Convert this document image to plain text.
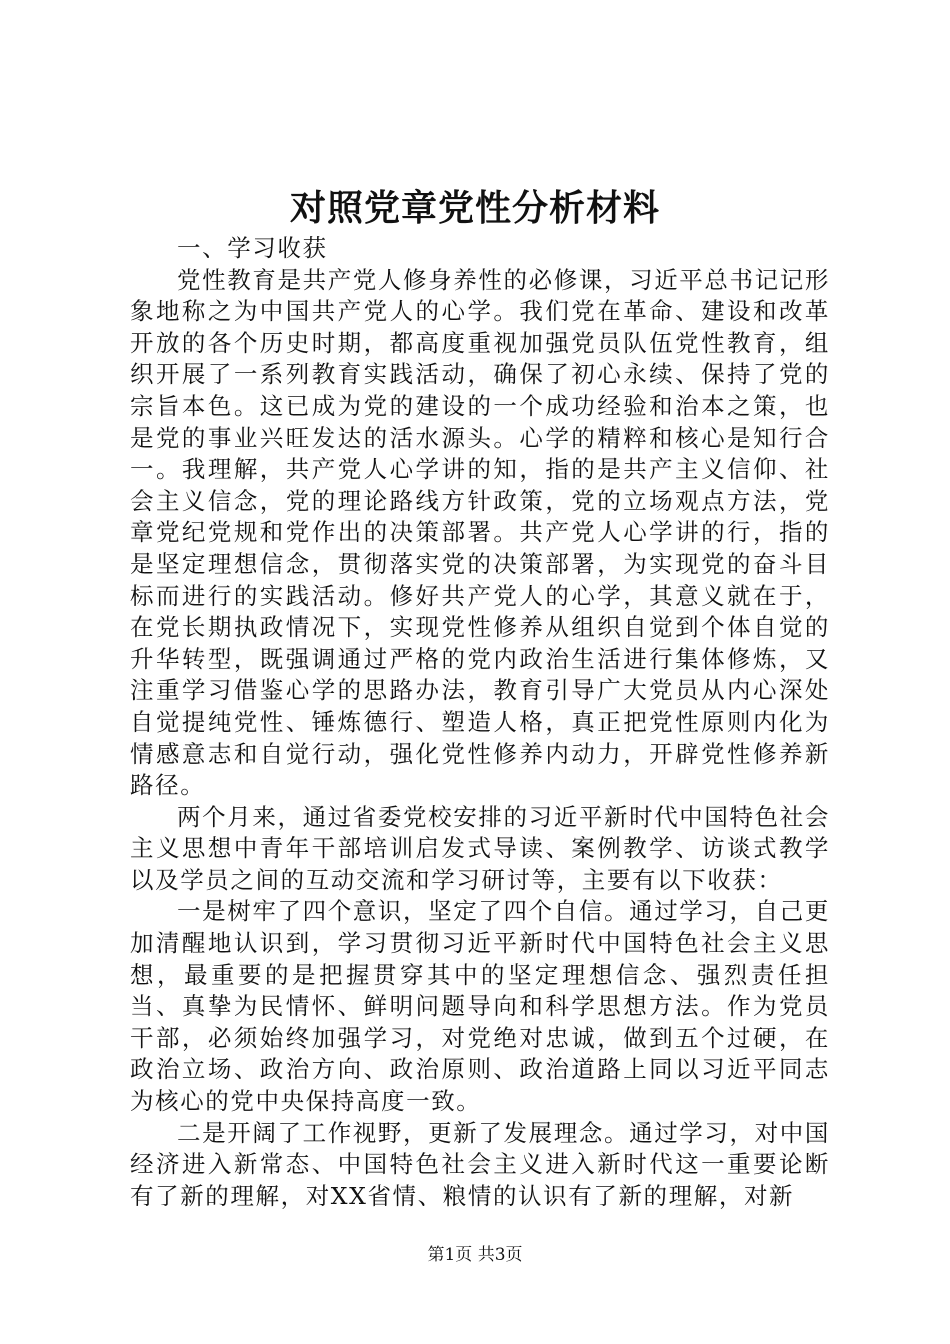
对照党章党性分析材料

一、学习收获

党性教育是共产党人修身养性的必修课，习近平总书记记形象地称之为中国共产党人的心学。我们党在革命、建设和改革开放的各个历史时期，都高度重视加强党员队伍党性教育，组织开展了一系列教育实践活动，确保了初心永续、保持了党的宗旨本色。这已成为党的建设的一个成功经验和治本之策，也是党的事业兴旺发达的活水源头。心学的精粹和核心是知行合一。我理解，共产党人心学讲的知，指的是共产主义信仰、社会主义信念，党的理论路线方针政策，党的立场观点方法，党章党纪党规和党作出的决策部署。共产党人心学讲的行，指的是坚定理想信念，贯彻落实党的决策部署，为实现党的奋斗目标而进行的实践活动。修好共产党人的心学，其意义就在于，在党长期执政情况下，实现党性修养从组织自觉到个体自觉的升华转型，既强调通过严格的党内政治生活进行集体修炼，又注重学习借鉴心学的思路办法，教育引导广大党员从内心深处自觉提纯党性、锤炼德行、塑造人格，真正把党性原则内化为情感意志和自觉行动，强化党性修养内动力，开辟党性修养新路径。

两个月来，通过省委党校安排的习近平新时代中国特色社会主义思想中青年干部培训启发式导读、案例教学、访谈式教学以及学员之间的互动交流和学习研讨等，主要有以下收获：

一是树牢了四个意识，坚定了四个自信。通过学习，自己更加清醒地认识到，学习贯彻习近平新时代中国特色社会主义思想，最重要的是把握贯穿其中的坚定理想信念、强烈责任担当、真挚为民情怀、鲜明问题导向和科学思想方法。作为党员干部，必须始终加强学习，对党绝对忠诚，做到五个过硬，在政治立场、政治方向、政治原则、政治道路上同以习近平同志为核心的党中央保持高度一致。

二是开阔了工作视野，更新了发展理念。通过学习，对中国经济进入新常态、中国特色社会主义进入新时代这一重要论断有了新的理解，对XX省情、粮情的认识有了新的理解，对新

第1页 共3页
